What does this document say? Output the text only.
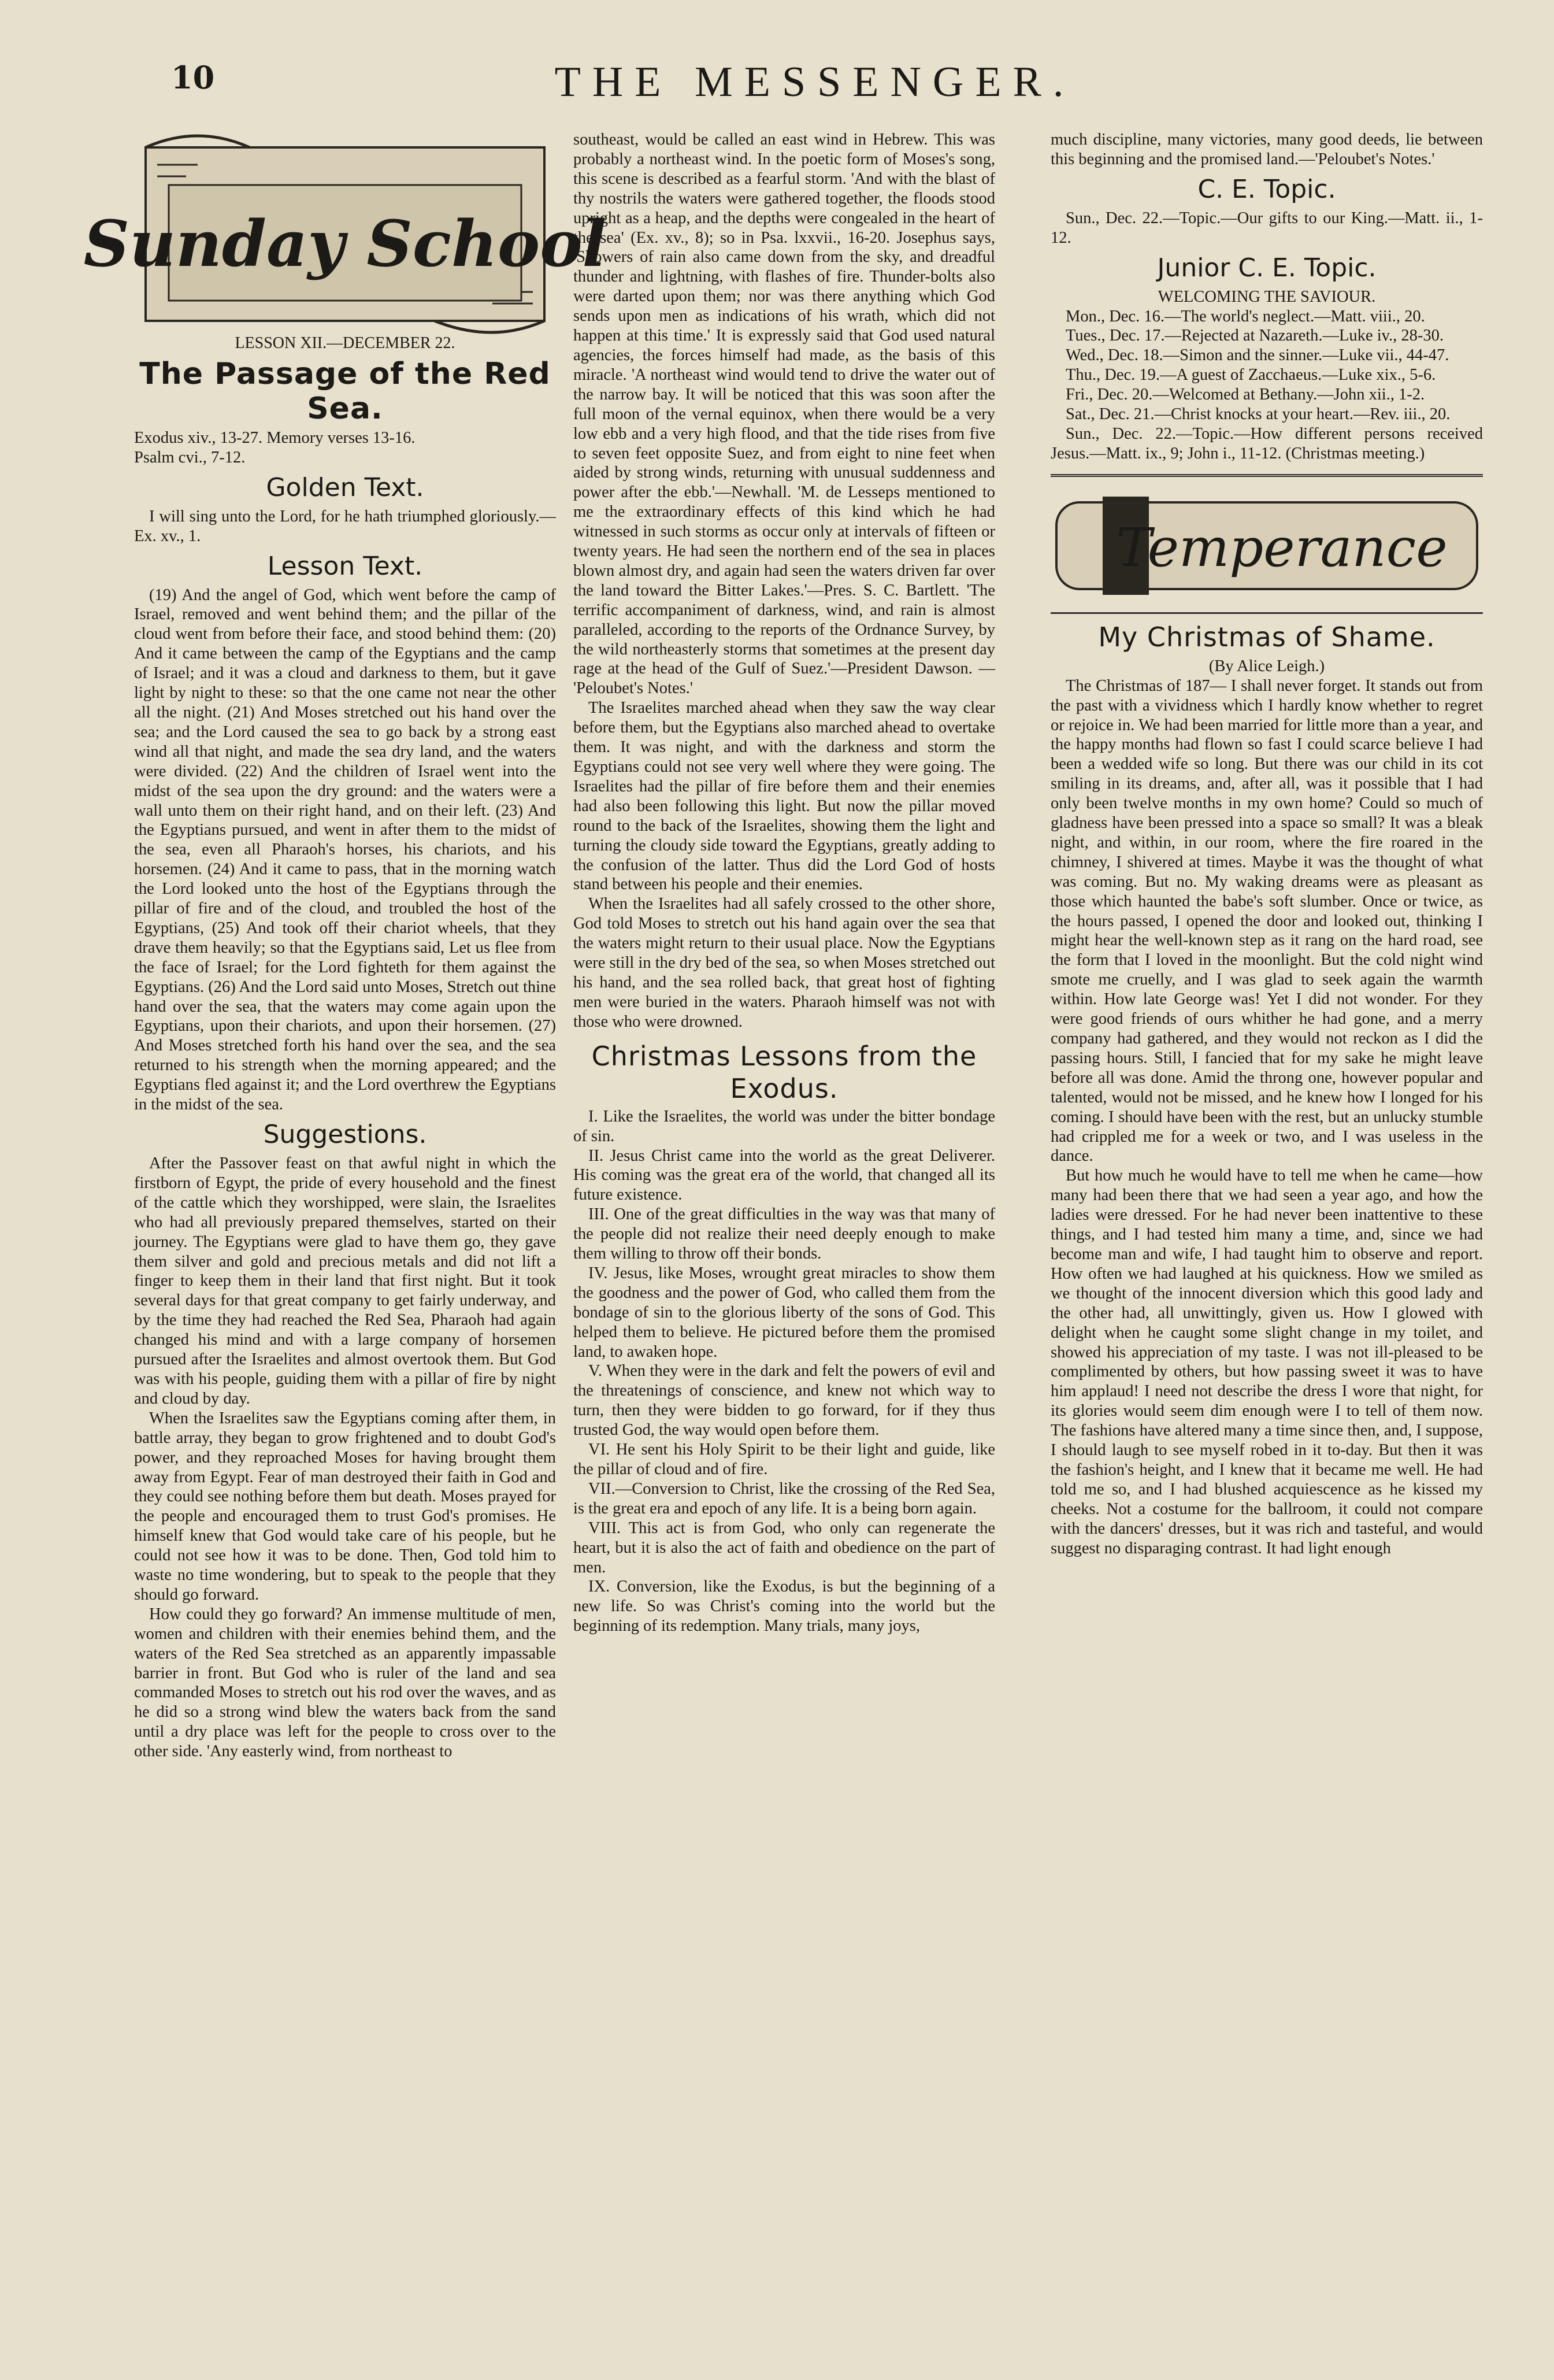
10	THE MESSENGER.
Sunday School

LESSON XII.—DECEMBER 22.

The Passage of the Red Sea.

Exodus xiv., 13-27. Memory verses 13-16.

Psalm cvi., 7-12.

Golden Text.

I will sing unto the Lord, for he hath triumphed gloriously.—Ex. xv., 1.

Lesson Text.

(19) And the angel of God, which went before the camp of Israel, removed and went behind them; and the pillar of the cloud went from before their face, and stood behind them: (20) And it came between the camp of the Egyptians and the camp of Israel; and it was a cloud and darkness to them, but it gave light by night to these: so that the one came not near the other all the night. (21) And Moses stretched out his hand over the sea; and the Lord caused the sea to go back by a strong east wind all that night, and made the sea dry land, and the waters were divided. (22) And the children of Israel went into the midst of the sea upon the dry ground: and the waters were a wall unto them on their right hand, and on their left. (23) And the Egyptians pursued, and went in after them to the midst of the sea, even all Pharaoh's horses, his chariots, and his horsemen. (24) And it came to pass, that in the morning watch the Lord looked unto the host of the Egyptians through the pillar of fire and of the cloud, and troubled the host of the Egyptians, (25) And took off their chariot wheels, that they drave them heavily; so that the Egyptians said, Let us flee from the face of Israel; for the Lord fighteth for them against the Egyptians. (26) And the Lord said unto Moses, Stretch out thine hand over the sea, that the waters may come again upon the Egyptians, upon their chariots, and upon their horsemen. (27) And Moses stretched forth his hand over the sea, and the sea returned to his strength when the morning appeared; and the Egyptians fled against it; and the Lord overthrew the Egyptians in the midst of the sea.

Suggestions.

After the Passover feast on that awful night in which the firstborn of Egypt, the pride of every household and the finest of the cattle which they worshipped, were slain, the Israelites who had all previously prepared themselves, started on their journey. The Egyptians were glad to have them go, they gave them silver and gold and precious metals and did not lift a finger to keep them in their land that first night. But it took several days for that great company to get fairly underway, and by the time they had reached the Red Sea, Pharaoh had again changed his mind and with a large company of horsemen pursued after the Israelites and almost overtook them. But God was with his people, guiding them with a pillar of fire by night and cloud by day.

When the Israelites saw the Egyptians coming after them, in battle array, they began to grow frightened and to doubt God's power, and they reproached Moses for having brought them away from Egypt. Fear of man destroyed their faith in God and they could see nothing before them but death. Moses prayed for the people and encouraged them to trust God's promises. He himself knew that God would take care of his people, but he could not see how it was to be done. Then, God told him to waste no time wondering, but to speak to the people that they should go forward.

How could they go forward? An immense multitude of men, women and children with their enemies behind them, and the waters of the Red Sea stretched as an apparently impassable barrier in front. But God who is ruler of the land and sea commanded Moses to stretch out his rod over the waves, and as he did so a strong wind blew the waters back from the sand until a dry place was left for the people to cross over to the other side. 'Any easterly wind, from northeast to

southeast, would be called an east wind in Hebrew. This was probably a northeast wind. In the poetic form of Moses's song, this scene is described as a fearful storm. 'And with the blast of thy nostrils the waters were gathered together, the floods stood upright as a heap, and the depths were congealed in the heart of the sea' (Ex. xv., 8); so in Psa. lxxvii., 16-20. Josephus says, 'Showers of rain also came down from the sky, and dreadful thunder and lightning, with flashes of fire. Thunder-bolts also were darted upon them; nor was there anything which God sends upon men as indications of his wrath, which did not happen at this time.' It is expressly said that God used natural agencies, the forces himself had made, as the basis of this miracle. 'A northeast wind would tend to drive the water out of the narrow bay. It will be noticed that this was soon after the full moon of the vernal equinox, when there would be a very low ebb and a very high flood, and that the tide rises from five to seven feet opposite Suez, and from eight to nine feet when aided by strong winds, returning with unusual suddenness and power after the ebb.'—Newhall. 'M. de Lesseps mentioned to me the extraordinary effects of this kind which he had witnessed in such storms as occur only at intervals of fifteen or twenty years. He had seen the northern end of the sea in places blown almost dry, and again had seen the waters driven far over the land toward the Bitter Lakes.'—Pres. S. C. Bartlett. 'The terrific accompaniment of darkness, wind, and rain is almost paralleled, according to the reports of the Ordnance Survey, by the wild northeasterly storms that sometimes at the present day rage at the head of the Gulf of Suez.'—President Dawson. — 'Peloubet's Notes.'

The Israelites marched ahead when they saw the way clear before them, but the Egyptians also marched ahead to overtake them. It was night, and with the darkness and storm the Egyptians could not see very well where they were going. The Israelites had the pillar of fire before them and their enemies had also been following this light. But now the pillar moved round to the back of the Israelites, showing them the light and turning the cloudy side toward the Egyptians, greatly adding to the confusion of the latter. Thus did the Lord God of hosts stand between his people and their enemies.

When the Israelites had all safely crossed to the other shore, God told Moses to stretch out his hand again over the sea that the waters might return to their usual place. Now the Egyptians were still in the dry bed of the sea, so when Moses stretched out his hand, and the sea rolled back, that great host of fighting men were buried in the waters. Pharaoh himself was not with those who were drowned.

Christmas Lessons from the Exodus.

I. Like the Israelites, the world was under the bitter bondage of sin.

II. Jesus Christ came into the world as the great Deliverer. His coming was the great era of the world, that changed all its future existence.

III. One of the great difficulties in the way was that many of the people did not realize their need deeply enough to make them willing to throw off their bonds.

IV. Jesus, like Moses, wrought great miracles to show them the goodness and the power of God, who called them from the bondage of sin to the glorious liberty of the sons of God. This helped them to believe. He pictured before them the promised land, to awaken hope.

V. When they were in the dark and felt the powers of evil and the threatenings of conscience, and knew not which way to turn, then they were bidden to go forward, for if they thus trusted God, the way would open before them.

VI. He sent his Holy Spirit to be their light and guide, like the pillar of cloud and of fire.

VII.—Conversion to Christ, like the crossing of the Red Sea, is the great era and epoch of any life. It is a being born again.

VIII. This act is from God, who only can regenerate the heart, but it is also the act of faith and obedience on the part of men.

IX. Conversion, like the Exodus, is but the beginning of a new life. So was Christ's coming into the world but the beginning of its redemption. Many trials, many joys,

much discipline, many victories, many good deeds, lie between this beginning and the promised land.—'Peloubet's Notes.'

C. E. Topic.

Sun., Dec. 22.—Topic.—Our gifts to our King.—Matt. ii., 1-12.

Junior C. E. Topic.

WELCOMING THE SAVIOUR.

Mon., Dec. 16.—The world's neglect.—Matt. viii., 20.

Tues., Dec. 17.—Rejected at Nazareth.—Luke iv., 28-30.

Wed., Dec. 18.—Simon and the sinner.—Luke vii., 44-47.

Thu., Dec. 19.—A guest of Zacchaeus.—Luke xix., 5-6.

Fri., Dec. 20.—Welcomed at Bethany.—John xii., 1-2.

Sat., Dec. 21.—Christ knocks at your heart.—Rev. iii., 20.

Sun., Dec. 22.—Topic.—How different persons received Jesus.—Matt. ix., 9; John i., 11-12. (Christmas meeting.)

Temperance
My Christmas of Shame.

(By Alice Leigh.)

The Christmas of 187— I shall never forget. It stands out from the past with a vividness which I hardly know whether to regret or rejoice in. We had been married for little more than a year, and the happy months had flown so fast I could scarce believe I had been a wedded wife so long. But there was our child in its cot smiling in its dreams, and, after all, was it possible that I had only been twelve months in my own home? Could so much of gladness have been pressed into a space so small? It was a bleak night, and within, in our room, where the fire roared in the chimney, I shivered at times. Maybe it was the thought of what was coming. But no. My waking dreams were as pleasant as those which haunted the babe's soft slumber. Once or twice, as the hours passed, I opened the door and looked out, thinking I might hear the well-known step as it rang on the hard road, see the form that I loved in the moonlight. But the cold night wind smote me cruelly, and I was glad to seek again the warmth within. How late George was! Yet I did not wonder. For they were good friends of ours whither he had gone, and a merry company had gathered, and they would not reckon as I did the passing hours. Still, I fancied that for my sake he might leave before all was done. Amid the throng one, however popular and talented, would not be missed, and he knew how I longed for his coming. I should have been with the rest, but an unlucky stumble had crippled me for a week or two, and I was useless in the dance.

But how much he would have to tell me when he came—how many had been there that we had seen a year ago, and how the ladies were dressed. For he had never been inattentive to these things, and I had tested him many a time, and, since we had become man and wife, I had taught him to observe and report. How often we had laughed at his quickness. How we smiled as we thought of the innocent diversion which this good lady and the other had, all unwittingly, given us. How I glowed with delight when he caught some slight change in my toilet, and showed his appreciation of my taste. I was not ill-pleased to be complimented by others, but how passing sweet it was to have him applaud! I need not describe the dress I wore that night, for its glories would seem dim enough were I to tell of them now. The fashions have altered many a time since then, and, I suppose, I should laugh to see myself robed in it to-day. But then it was the fashion's height, and I knew that it became me well. He had told me so, and I had blushed acquiescence as he kissed my cheeks. Not a costume for the ballroom, it could not compare with the dancers' dresses, but it was rich and tasteful, and would suggest no disparaging contrast. It had light enough
